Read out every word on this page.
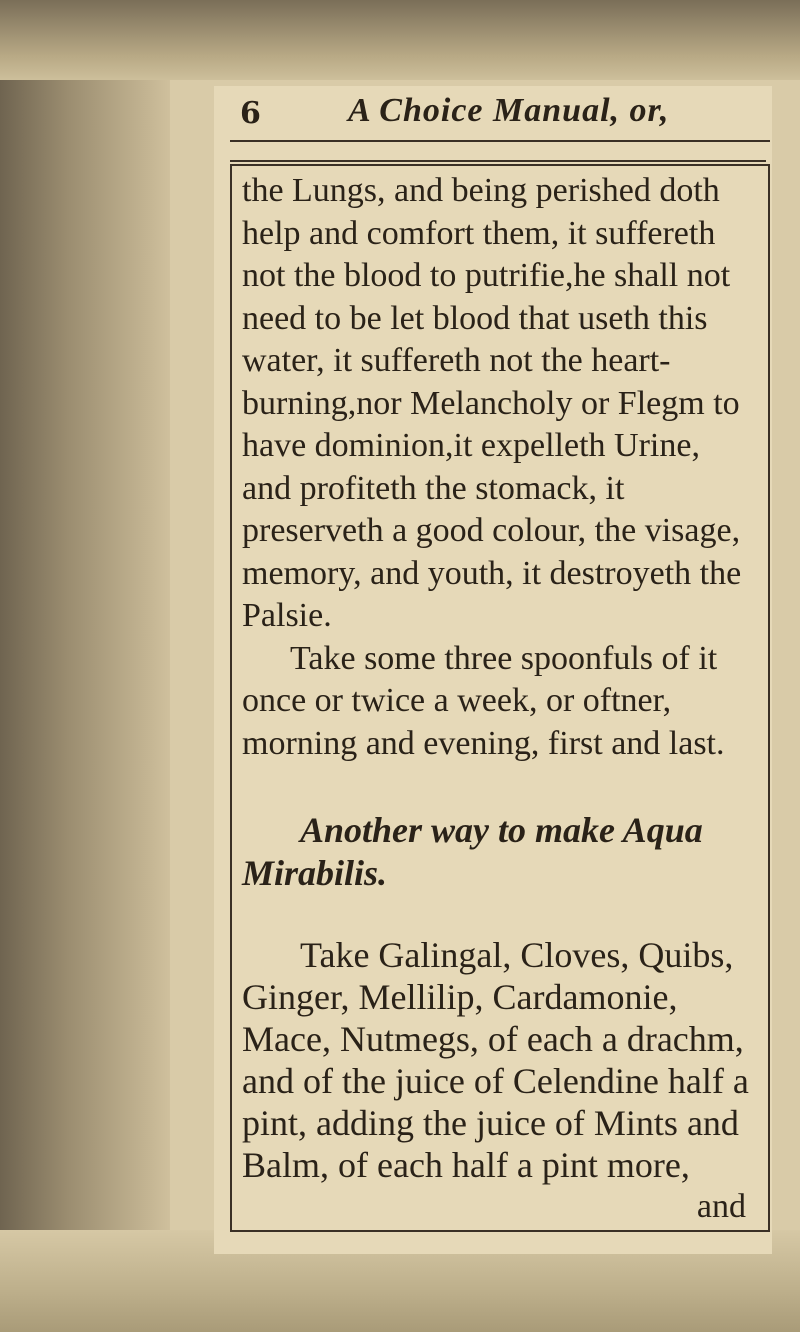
6	A Choice Manual, or,

the Lungs, and being perished doth help and comfort them, it suffereth not the blood to putrifie,he shall not need to be let blood that useth this water, it suffereth not the heart-burning,nor Melancholy or Flegm to have dominion,it expelleth Urine, and profiteth the stomack, it preserveth a good colour, the visage, memory, and youth, it destroyeth the Palsie.

Take some three spoonfuls of it once or twice a week, or oftner, morning and evening, first and last.

Another way to make Aqua Mirabilis.

Take Galingal, Cloves, Quibs, Ginger, Mellilip, Cardamonie, Mace, Nutmegs, of each a drachm, and of the juice of Celendine half a pint, adding the juice of Mints and Balm, of each half a pint more,

and
